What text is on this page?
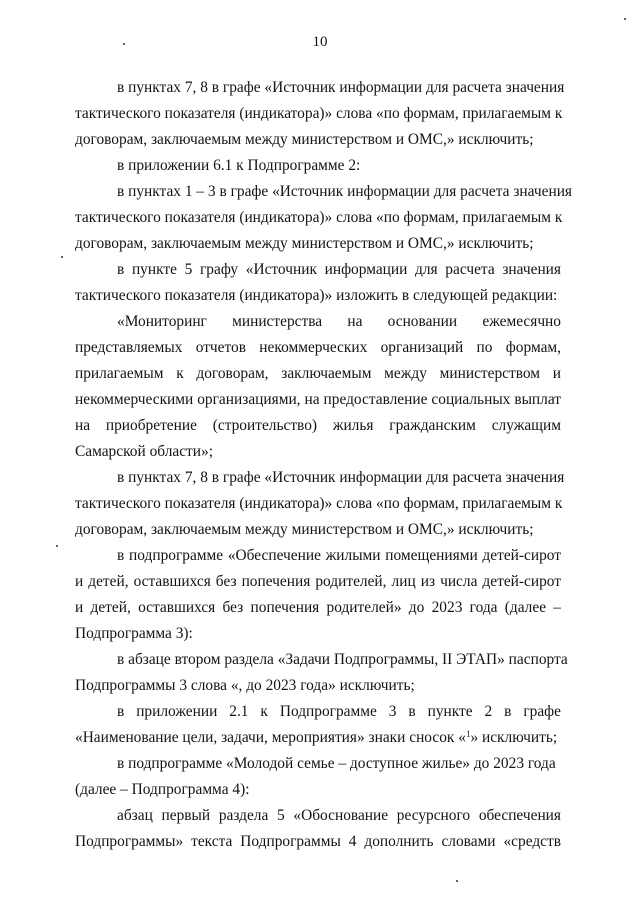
10
в пунктах 7, 8 в графе «Источник информации для расчета значения
тактического показателя (индикатора)» слова «по формам, прилагаемым к
договорам, заключаемым между министерством и ОМС,» исключить;
в приложении 6.1 к Подпрограмме 2:
в пунктах 1 – 3 в графе «Источник информации для расчета значения
тактического показателя (индикатора)» слова «по формам, прилагаемым к
договорам, заключаемым между министерством и ОМС,» исключить;
в пункте 5 графу «Источник информации для расчета значения
тактического показателя (индикатора)» изложить в следующей редакции:
«Мониторинг министерства на основании ежемесячно
представляемых отчетов некоммерческих организаций по формам,
прилагаемым к договорам, заключаемым между министерством и
некоммерческими организациями, на предоставление социальных выплат
на приобретение (строительство) жилья гражданским служащим
Самарской области»;
в пунктах 7, 8 в графе «Источник информации для расчета значения
тактического показателя (индикатора)» слова «по формам, прилагаемым к
договорам, заключаемым между министерством и ОМС,» исключить;
в подпрограмме «Обеспечение жилыми помещениями детей-сирот
и детей, оставшихся без попечения родителей, лиц из числа детей-сирот
и детей, оставшихся без попечения родителей» до 2023 года (далее –
Подпрограмма 3):
в абзаце втором раздела «Задачи Подпрограммы, II ЭТАП» паспорта
Подпрограммы 3 слова «, до 2023 года» исключить;
в приложении 2.1 к Подпрограмме 3 в пункте 2 в графе
«Наименование цели, задачи, мероприятия» знаки сносок «$^1$» исключить;
в подпрограмме «Молодой семье – доступное жилье» до 2023 года
(далее – Подпрограмма 4):
абзац первый раздела 5 «Обоснование ресурсного обеспечения
Подпрограммы» текста Подпрограммы 4 дополнить словами «средств
